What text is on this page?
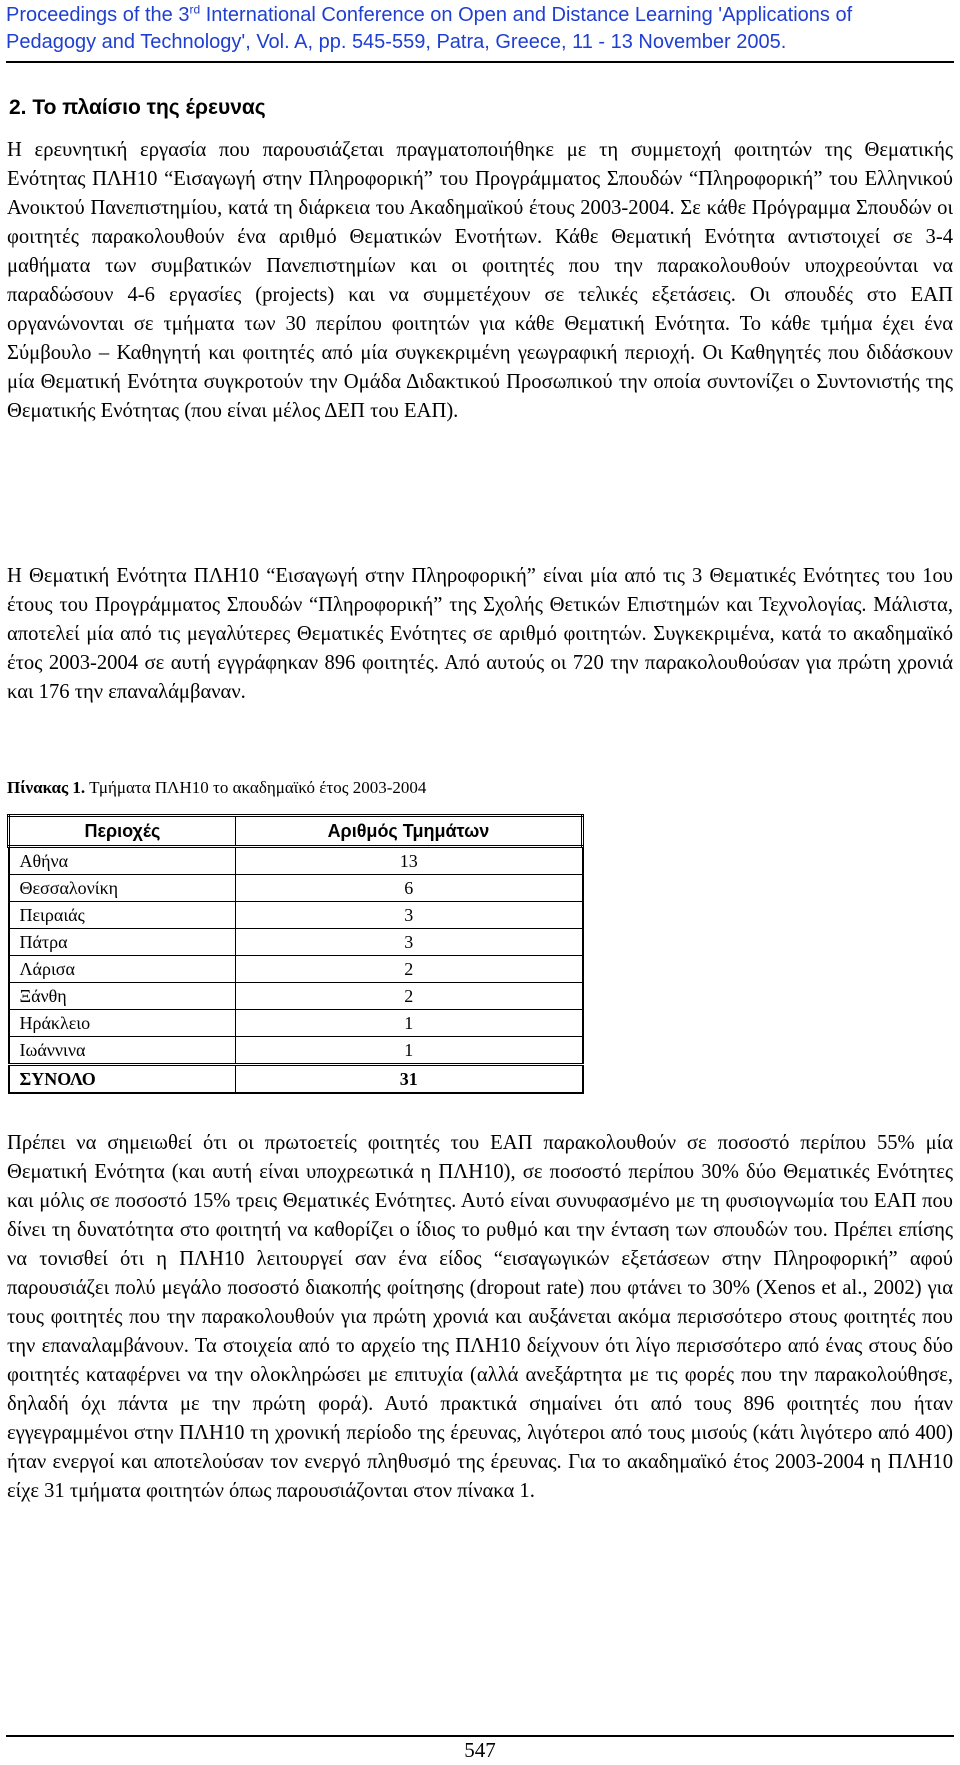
Proceedings of the 3rd International Conference on Open and Distance Learning 'Applications of
Pedagogy and Technology', Vol. A, pp. 545-559, Patra, Greece, 11 - 13 November 2005.
2. Το πλαίσιο της έρευνας

Η ερευνητική εργασία που παρουσιάζεται πραγματοποιήθηκε με τη συμμετοχή φοιτητών της Θεματικής Ενότητας ΠΛΗ10 “Εισαγωγή στην Πληροφορική” του Προγράμματος Σπουδών “Πληροφορική” του Ελληνικού Ανοικτού Πανεπιστημίου, κατά τη διάρκεια του Ακαδημαϊκού έτους 2003-2004. Σε κάθε Πρόγραμμα Σπουδών οι φοιτητές παρακολουθούν ένα αριθμό Θεματικών Ενοτήτων. Κάθε Θεματική Ενότητα αντιστοιχεί σε 3-4 μαθήματα των συμβατικών Πανεπιστημίων και οι φοιτητές που την παρακολουθούν υποχρεούνται να παραδώσουν 4-6 εργασίες (projects) και να συμμετέχουν σε τελικές εξετάσεις. Οι σπουδές στο ΕΑΠ οργανώνονται σε τμήματα των 30 περίπου φοιτητών για κάθε Θεματική Ενότητα. Το κάθε τμήμα έχει ένα Σύμβουλο – Καθηγητή και φοιτητές από μία συγκεκριμένη γεωγραφική περιοχή. Οι Καθηγητές που διδάσκουν μία Θεματική Ενότητα συγκροτούν την Ομάδα Διδακτικού Προσωπικού την οποία συντονίζει ο Συντονιστής της Θεματικής Ενότητας (που είναι μέλος ΔΕΠ του ΕΑΠ).

Η Θεματική Ενότητα ΠΛΗ10 “Εισαγωγή στην Πληροφορική” είναι μία από τις 3 Θεματικές Ενότητες του 1ου έτους του Προγράμματος Σπουδών “Πληροφορική” της Σχολής Θετικών Επιστημών και Τεχνολογίας. Μάλιστα, αποτελεί μία από τις μεγαλύτερες Θεματικές Ενότητες σε αριθμό φοιτητών. Συγκεκριμένα, κατά το ακαδημαϊκό έτος 2003-2004 σε αυτή εγγράφηκαν 896 φοιτητές. Από αυτούς οι 720 την παρακολουθούσαν για πρώτη χρονιά και 176 την επαναλάμβαναν.

Πίνακας 1. Τμήματα ΠΛΗ10 το ακαδημαϊκό έτος 2003-2004

Περιοχές	Αριθμός Τμημάτων
Αθήνα	13
Θεσσαλονίκη	6
Πειραιάς	3
Πάτρα	3
Λάρισα	2
Ξάνθη	2
Ηράκλειο	1
Ιωάννινα	1
ΣΥΝΟΛΟ	31

Πρέπει να σημειωθεί ότι οι πρωτοετείς φοιτητές του ΕΑΠ παρακολουθούν σε ποσοστό περίπου 55% μία Θεματική Ενότητα (και αυτή είναι υποχρεωτικά η ΠΛΗ10), σε ποσοστό περίπου 30% δύο Θεματικές Ενότητες και μόλις σε ποσοστό 15% τρεις Θεματικές Ενότητες. Αυτό είναι συνυφασμένο με τη φυσιογνωμία του ΕΑΠ που δίνει τη δυνατότητα στο φοιτητή να καθορίζει ο ίδιος το ρυθμό και την ένταση των σπουδών του. Πρέπει επίσης να τονισθεί ότι η ΠΛΗ10 λειτουργεί σαν ένα είδος “εισαγωγικών εξετάσεων στην Πληροφορική” αφού παρουσιάζει πολύ μεγάλο ποσοστό διακοπής φοίτησης (dropout rate) που φτάνει το 30% (Xenos et al., 2002) για τους φοιτητές που την παρακολουθούν για πρώτη χρονιά και αυξάνεται ακόμα περισσότερο στους φοιτητές που την επαναλαμβάνουν. Τα στοιχεία από το αρχείο της ΠΛΗ10 δείχνουν ότι λίγο περισσότερο από ένας στους δύο φοιτητές καταφέρνει να την ολοκληρώσει με επιτυχία (αλλά ανεξάρτητα με τις φορές που την παρακολούθησε, δηλαδή όχι πάντα με την πρώτη φορά). Αυτό πρακτικά σημαίνει ότι από τους 896 φοιτητές που ήταν εγγεγραμμένοι στην ΠΛΗ10 τη χρονική περίοδο της έρευνας, λιγότεροι από τους μισούς (κάτι λιγότερο από 400) ήταν ενεργοί και αποτελούσαν τον ενεργό πληθυσμό της έρευνας. Για το ακαδημαϊκό έτος 2003-2004 η ΠΛΗ10 είχε 31 τμήματα φοιτητών όπως παρουσιάζονται στον πίνακα 1.

547
